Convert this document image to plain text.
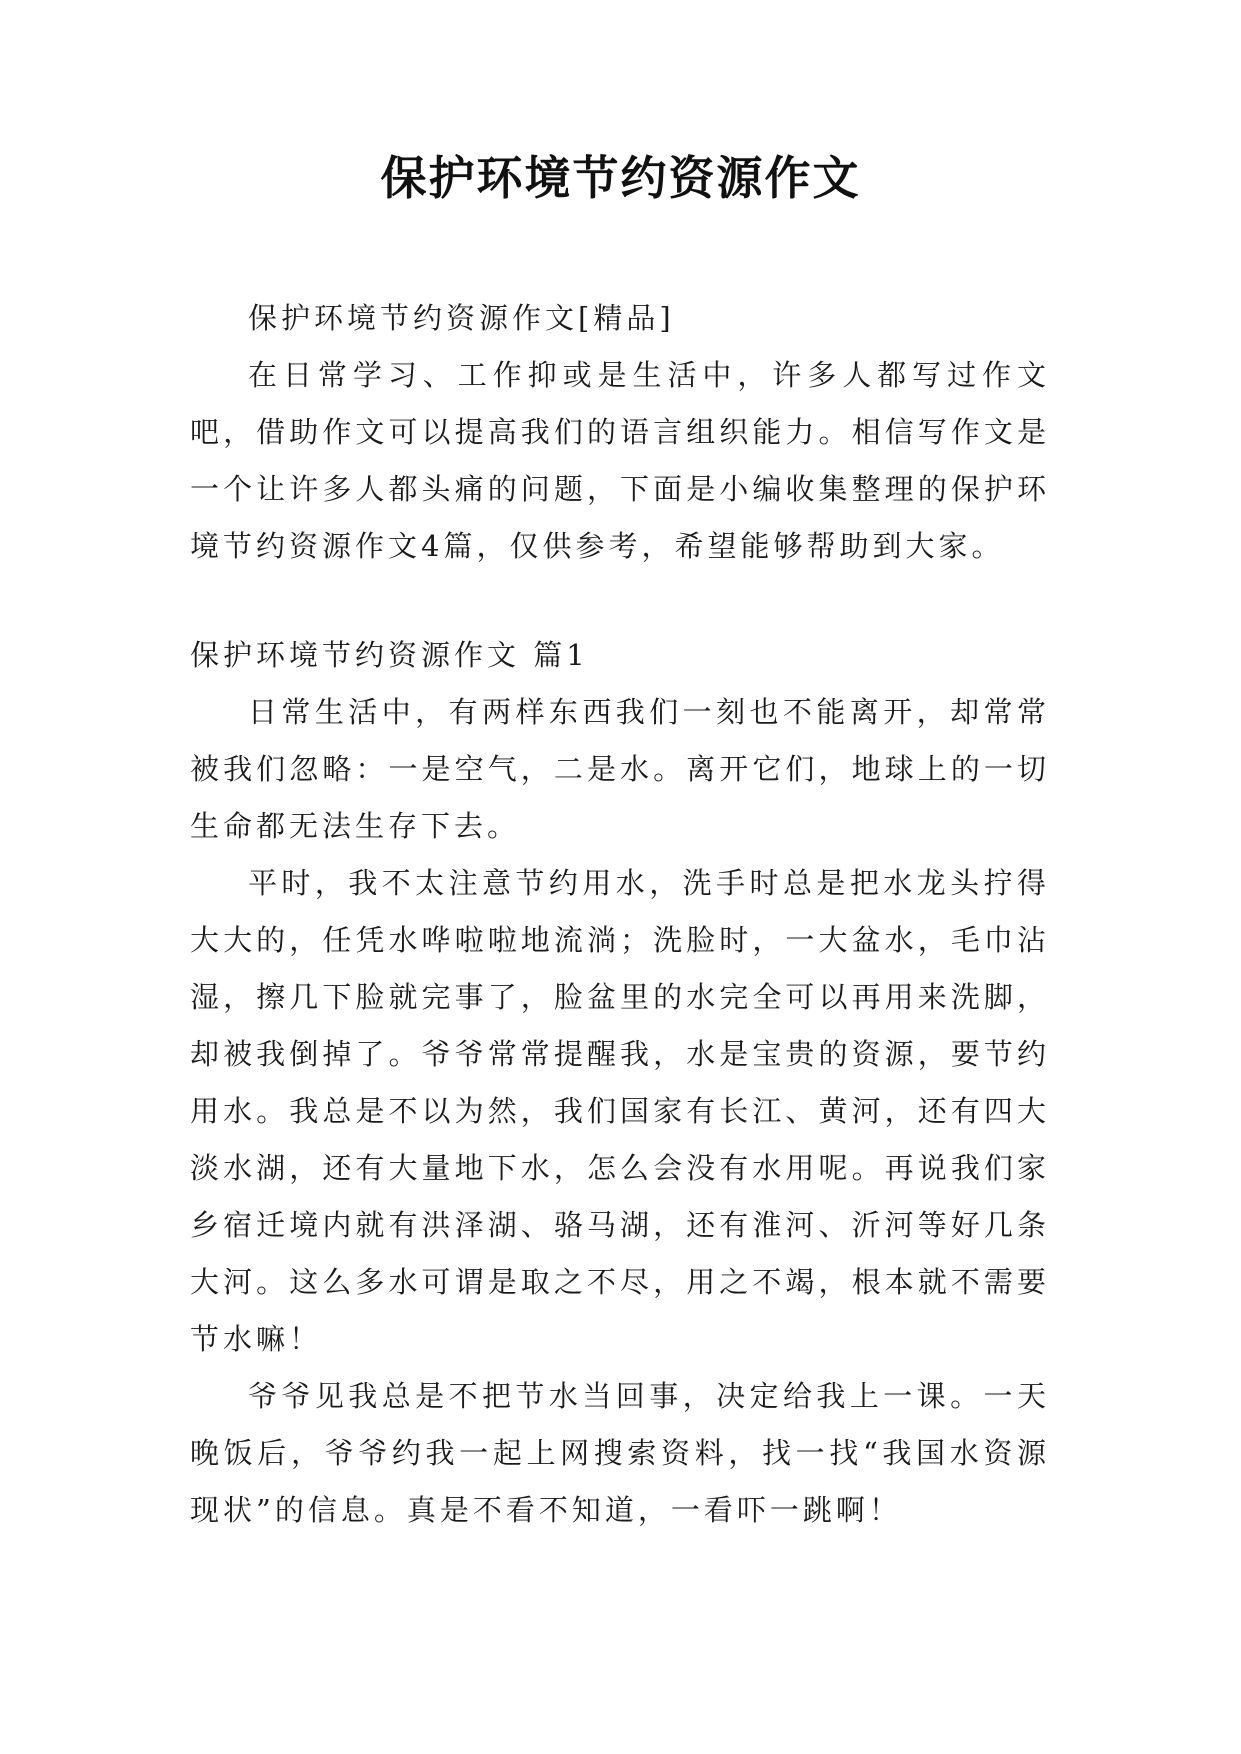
保护环境节约资源作文

保护环境节约资源作文[精品]

在日常学习、工作抑或是生活中，许多人都写过作文吧，借助作文可以提高我们的语言组织能力。相信写作文是一个让许多人都头痛的问题，下面是小编收集整理的保护环境节约资源作文4篇，仅供参考，希望能够帮助到大家。

保护环境节约资源作文 篇1

日常生活中，有两样东西我们一刻也不能离开，却常常被我们忽略：一是空气，二是水。离开它们，地球上的一切生命都无法生存下去。

平时，我不太注意节约用水，洗手时总是把水龙头拧得大大的，任凭水哗啦啦地流淌；洗脸时，一大盆水，毛巾沾湿，擦几下脸就完事了，脸盆里的水完全可以再用来洗脚，却被我倒掉了。爷爷常常提醒我，水是宝贵的资源，要节约用水。我总是不以为然，我们国家有长江、黄河，还有四大淡水湖，还有大量地下水，怎么会没有水用呢。再说我们家乡宿迁境内就有洪泽湖、骆马湖，还有淮河、沂河等好几条大河。这么多水可谓是取之不尽，用之不竭，根本就不需要节水嘛！

爷爷见我总是不把节水当回事，决定给我上一课。一天晚饭后，爷爷约我一起上网搜索资料，找一找“我国水资源现状”的信息。真是不看不知道，一看吓一跳啊！
